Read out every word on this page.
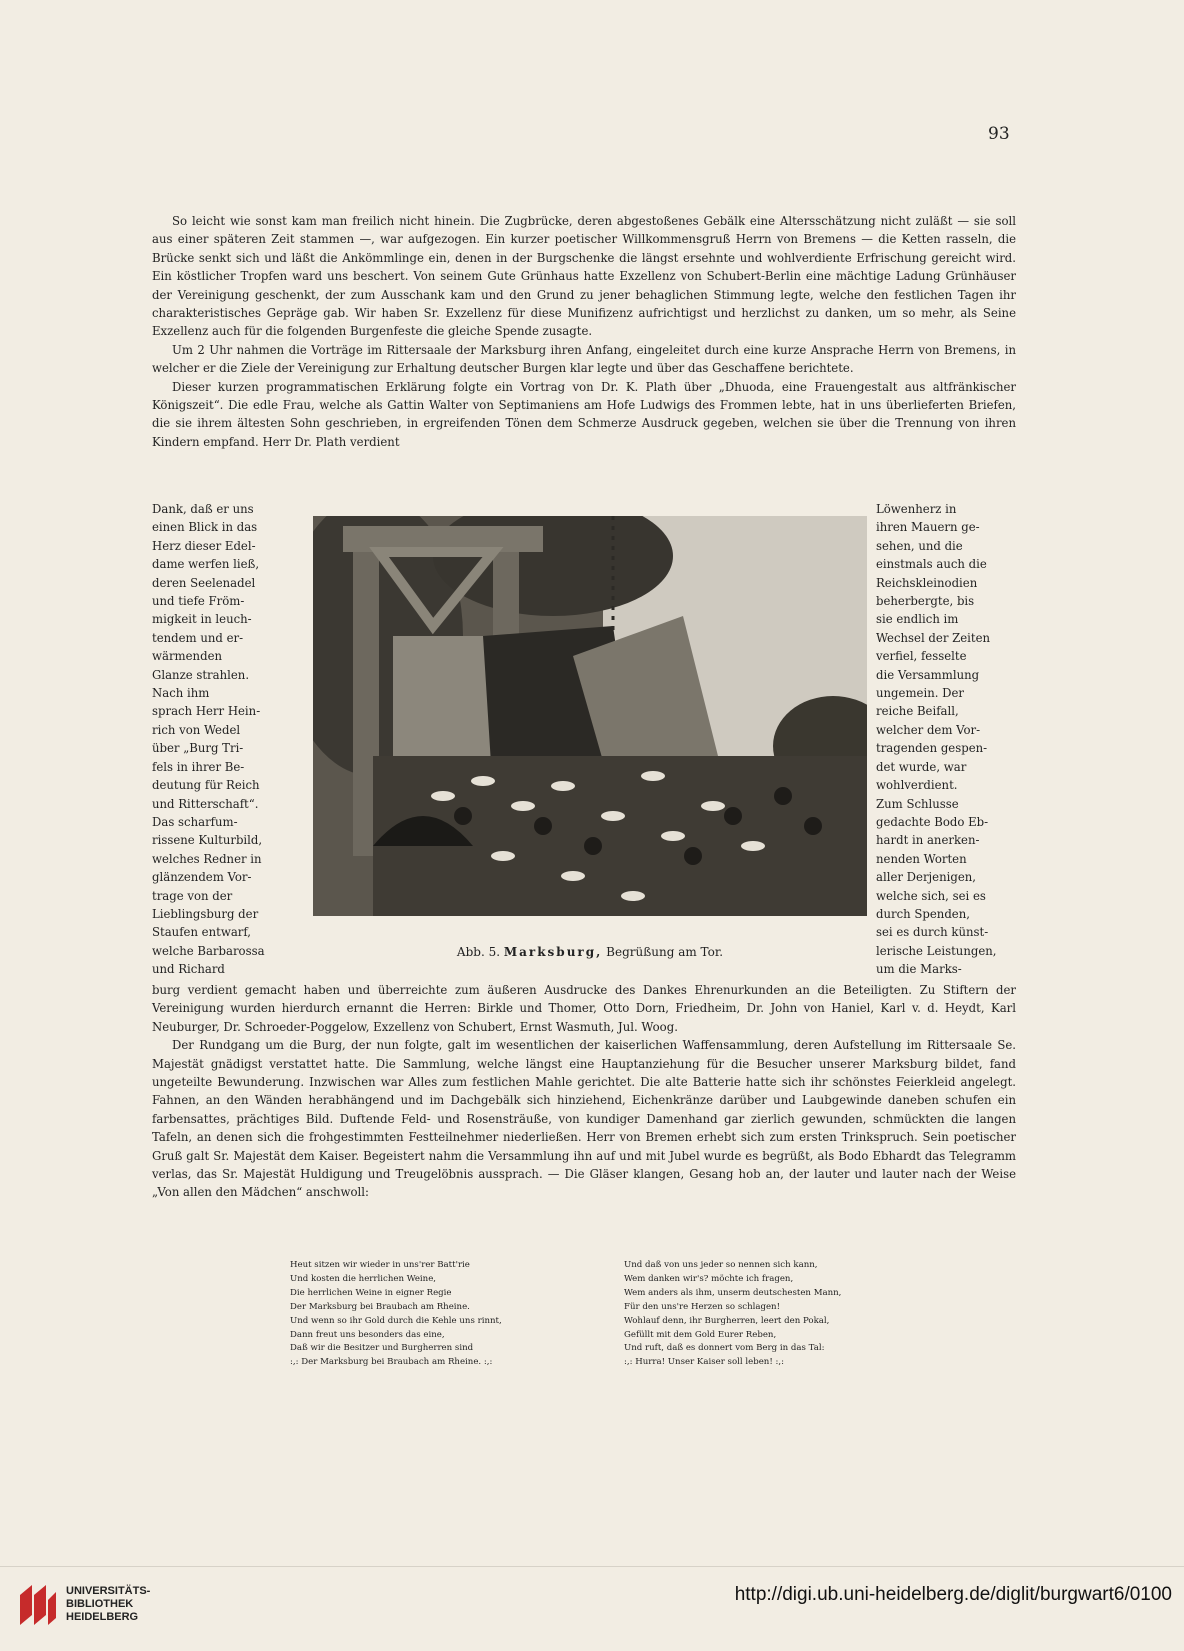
93

So leicht wie sonst kam man freilich nicht hinein. Die Zugbrücke, deren abgestoßenes Gebälk eine Altersschätzung nicht zuläßt — sie soll aus einer späteren Zeit stammen —, war aufgezogen. Ein kurzer poetischer Willkommensgruß Herrn von Bremens — die Ketten rasseln, die Brücke senkt sich und läßt die Ankömmlinge ein, denen in der Burgschenke die längst ersehnte und wohlverdiente Erfrischung gereicht wird. Ein köstlicher Tropfen ward uns beschert. Von seinem Gute Grünhaus hatte Exzellenz von Schubert-Berlin eine mächtige Ladung Grünhäuser der Vereinigung geschenkt, der zum Ausschank kam und den Grund zu jener behaglichen Stimmung legte, welche den festlichen Tagen ihr charakteristisches Gepräge gab. Wir haben Sr. Exzellenz für diese Munifizenz aufrichtigst und herzlichst zu danken, um so mehr, als Seine Exzellenz auch für die folgenden Burgenfeste die gleiche Spende zusagte.

Um 2 Uhr nahmen die Vorträge im Rittersaale der Marksburg ihren Anfang, eingeleitet durch eine kurze Ansprache Herrn von Bremens, in welcher er die Ziele der Vereinigung zur Erhaltung deutscher Burgen klar legte und über das Geschaffene berichtete.

Dieser kurzen programmatischen Erklärung folgte ein Vortrag von Dr. K. Plath über „Dhuoda, eine Frauengestalt aus altfränkischer Königszeit“. Die edle Frau, welche als Gattin Walter von Septimaniens am Hofe Ludwigs des Frommen lebte, hat in uns überlieferten Briefen, die sie ihrem ältesten Sohn geschrieben, in ergreifenden Tönen dem Schmerze Ausdruck gegeben, welchen sie über die Trennung von ihren Kindern empfand. Herr Dr. Plath verdient

Dank, daß er uns
einen Blick in das
Herz dieser Edel-
dame werfen ließ,
deren Seelenadel
und tiefe Fröm-
migkeit in leuch-
tendem und er-
wärmenden
Glanze strahlen.
Nach ihm
sprach Herr Hein-
rich von Wedel
über „Burg Tri-
fels in ihrer Be-
deutung für Reich
und Ritterschaft“.
Das scharfum-
rissene Kulturbild,
welches Redner in
glänzendem Vor-
trage von der
Lieblingsburg der
Staufen entwarf,
welche Barbarossa
und Richard
Löwenherz in
ihren Mauern ge-
sehen, und die
einstmals auch die
Reichskleinodien
beherbergte, bis
sie endlich im
Wechsel der Zeiten
verfiel, fesselte
die Versammlung
ungemein. Der
reiche Beifall,
welcher dem Vor-
tragenden gespen-
det wurde, war
wohlverdient.
Zum Schlusse
gedachte Bodo Eb-
hardt in anerken-
nenden Worten
aller Derjenigen,
welche sich, sei es
durch Spenden,
sei es durch künst-
lerische Leistungen,
um die Marks-
Abb. 5. Marksburg, Begrüßung am Tor.

burg verdient gemacht haben und überreichte zum äußeren Ausdrucke des Dankes Ehrenurkunden an die Beteiligten. Zu Stiftern der Vereinigung wurden hierdurch ernannt die Herren: Birkle und Thomer, Otto Dorn, Friedheim, Dr. John von Haniel, Karl v. d. Heydt, Karl Neuburger, Dr. Schroeder-Poggelow, Exzellenz von Schubert, Ernst Wasmuth, Jul. Woog.

Der Rundgang um die Burg, der nun folgte, galt im wesentlichen der kaiserlichen Waffensammlung, deren Aufstellung im Rittersaale Se. Majestät gnädigst verstattet hatte. Die Sammlung, welche längst eine Hauptanziehung für die Besucher unserer Marksburg bildet, fand ungeteilte Bewunderung. Inzwischen war Alles zum festlichen Mahle gerichtet. Die alte Batterie hatte sich ihr schönstes Feierkleid angelegt. Fahnen, an den Wänden herabhängend und im Dachgebälk sich hinziehend, Eichenkränze darüber und Laubgewinde daneben schufen ein farbensattes, prächtiges Bild. Duftende Feld- und Rosensträuße, von kundiger Damenhand gar zierlich gewunden, schmückten die langen Tafeln, an denen sich die frohgestimmten Festteilnehmer niederließen. Herr von Bremen erhebt sich zum ersten Trinkspruch. Sein poetischer Gruß galt Sr. Majestät dem Kaiser. Begeistert nahm die Versammlung ihn auf und mit Jubel wurde es begrüßt, als Bodo Ebhardt das Telegramm verlas, das Sr. Majestät Huldigung und Treugelöbnis aussprach. — Die Gläser klangen, Gesang hob an, der lauter und lauter nach der Weise „Von allen den Mädchen“ anschwoll:

Heut sitzen wir wieder in uns'rer Batt'rie
Und kosten die herrlichen Weine,
Die herrlichen Weine in eigner Regie
Der Marksburg bei Braubach am Rheine.
Und wenn so ihr Gold durch die Kehle uns rinnt,
Dann freut uns besonders das eine,
Daß wir die Besitzer und Burgherren sind
:,: Der Marksburg bei Braubach am Rheine. :,:
Und daß von uns jeder so nennen sich kann,
Wem danken wir's? möchte ich fragen,
Wem anders als ihm, unserm deutschesten Mann,
Für den uns're Herzen so schlagen!
Wohlauf denn, ihr Burgherren, leert den Pokal,
Gefüllt mit dem Gold Eurer Reben,
Und ruft, daß es donnert vom Berg in das Tal:
:,: Hurra! Unser Kaiser soll leben! :,:
UNIVERSITÄTS-
BIBLIOTHEK
HEIDELBERG
http://digi.ub.uni-heidelberg.de/diglit/burgwart6/0100
